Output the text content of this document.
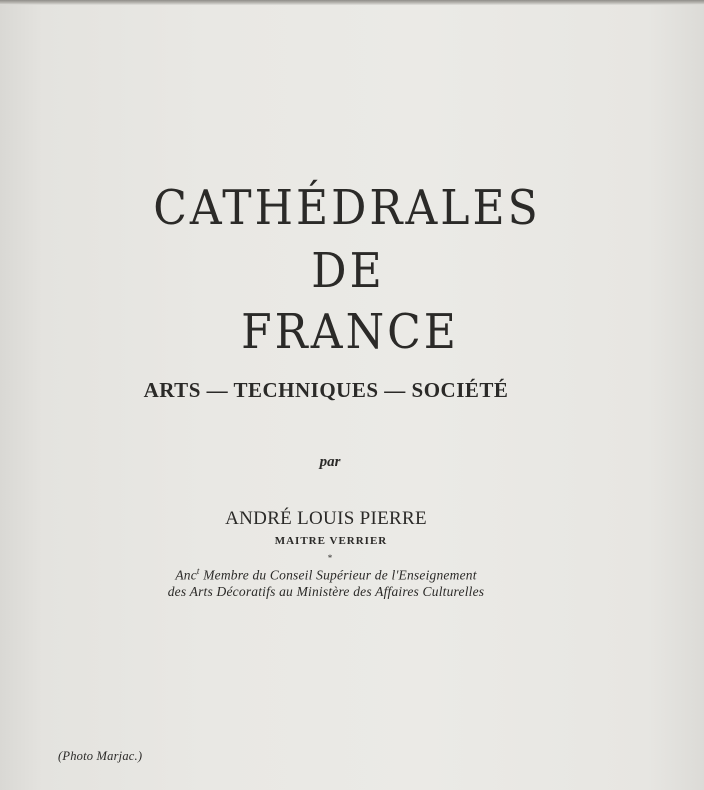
CATHÉDRALES
DE
FRANCE
ARTS — TECHNIQUES — SOCIÉTÉ
par
ANDRÉ LOUIS PIERRE
MAITRE VERRIER
*
Anc$^t$ Membre du Conseil Supérieur de l'Enseignement
des Arts Décoratifs au Ministère des Affaires Culturelles
(Photo Marjac.)
